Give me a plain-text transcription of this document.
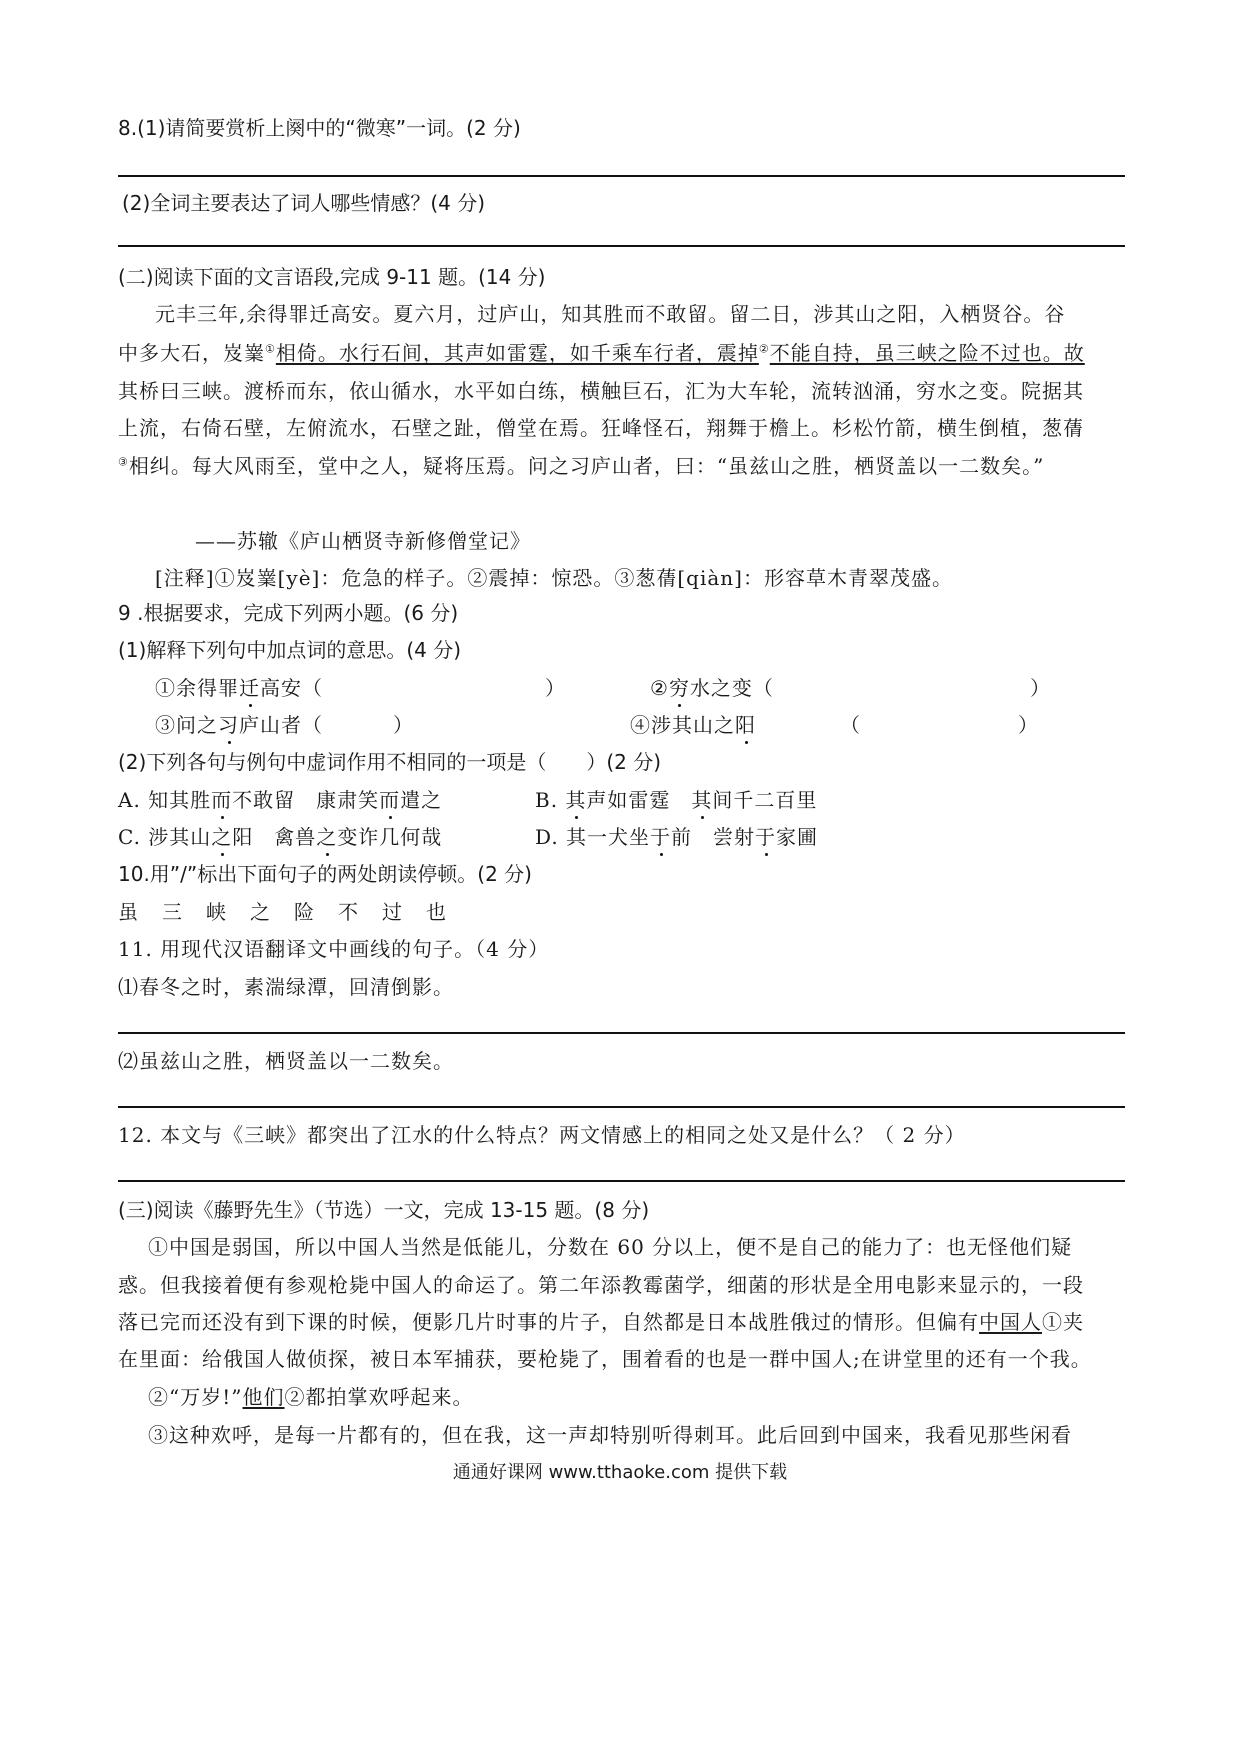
8.(1)请简要赏析上阕中的“微寒”一词。(2 分)
(2)全词主要表达了词人哪些情感？(4 分)
(二)阅读下面的文言语段,完成 9-11 题。(14 分)
元丰三年,余得罪迁高安。夏六月，过庐山，知其胜而不敢留。留二日，涉其山之阳，入栖贤谷。谷
中多大石，岌嶪①相倚。水行石间，其声如雷霆，如千乘车行者，震掉②不能自持，虽三峡之险不过也。故
其桥曰三峡。渡桥而东，依山循水，水平如白练，横触巨石，汇为大车轮，流转汹涌，穷水之变。院据其
上流，右倚石壁，左俯流水，石壁之趾，僧堂在焉。狂峰怪石，翔舞于檐上。杉松竹箭，横生倒植，葱蒨
③相纠。每大风雨至，堂中之人，疑将压焉。问之习庐山者，曰：“虽兹山之胜，栖贤盖以一二数矣。”
——苏辙《庐山栖贤寺新修僧堂记》
[注释]①岌嶪[yè]：危急的样子。②震掉：惊恐。③葱蒨[qiàn]：形容草木青翠茂盛。
9 .根据要求，完成下列两小题。(6 分)
(1)解释下列句中加点词的意思。(4 分)
①余得罪迁高安（	）	②穷水之变（	）
③问之习庐山者（	）	④涉其山之阳	（	）
(2)下列各句与例句中虚词作用不相同的一项是（　　）(2 分)
A. 知其胜而不敢留　康肃笑而遣之	B. 其声如雷霆　其间千二百里
C. 涉其山之阳　禽兽之变诈几何哉	D. 其一犬坐于前　尝射于家圃
10.用”/”标出下面句子的两处朗读停顿。(2 分)
虽 三 峡 之 险 不 过 也
11. 用现代汉语翻译文中画线的句子。（4 分）
⑴春冬之时，素湍绿潭，回清倒影。
⑵虽兹山之胜，栖贤盖以一二数矣。
12. 本文与《三峡》都突出了江水的什么特点？两文情感上的相同之处又是什么？（ 2 分）
(三)阅读《藤野先生》（节选）一文，完成 13-15 题。(8 分)
①中国是弱国，所以中国人当然是低能儿，分数在 60 分以上，便不是自己的能力了：也无怪他们疑
惑。但我接着便有参观枪毙中国人的命运了。第二年添教霉菌学，细菌的形状是全用电影来显示的，一段
落已完而还没有到下课的时候，便影几片时事的片子，自然都是日本战胜俄过的情形。但偏有中国人①夹
在里面：给俄国人做侦探，被日本军捕获，要枪毙了，围着看的也是一群中国人;在讲堂里的还有一个我。
②“万岁!”他们②都拍掌欢呼起来。
③这种欢呼，是每一片都有的，但在我，这一声却特别听得刺耳。此后回到中国来，我看见那些闲看
通通好课网 www.tthaoke.com 提供下载
